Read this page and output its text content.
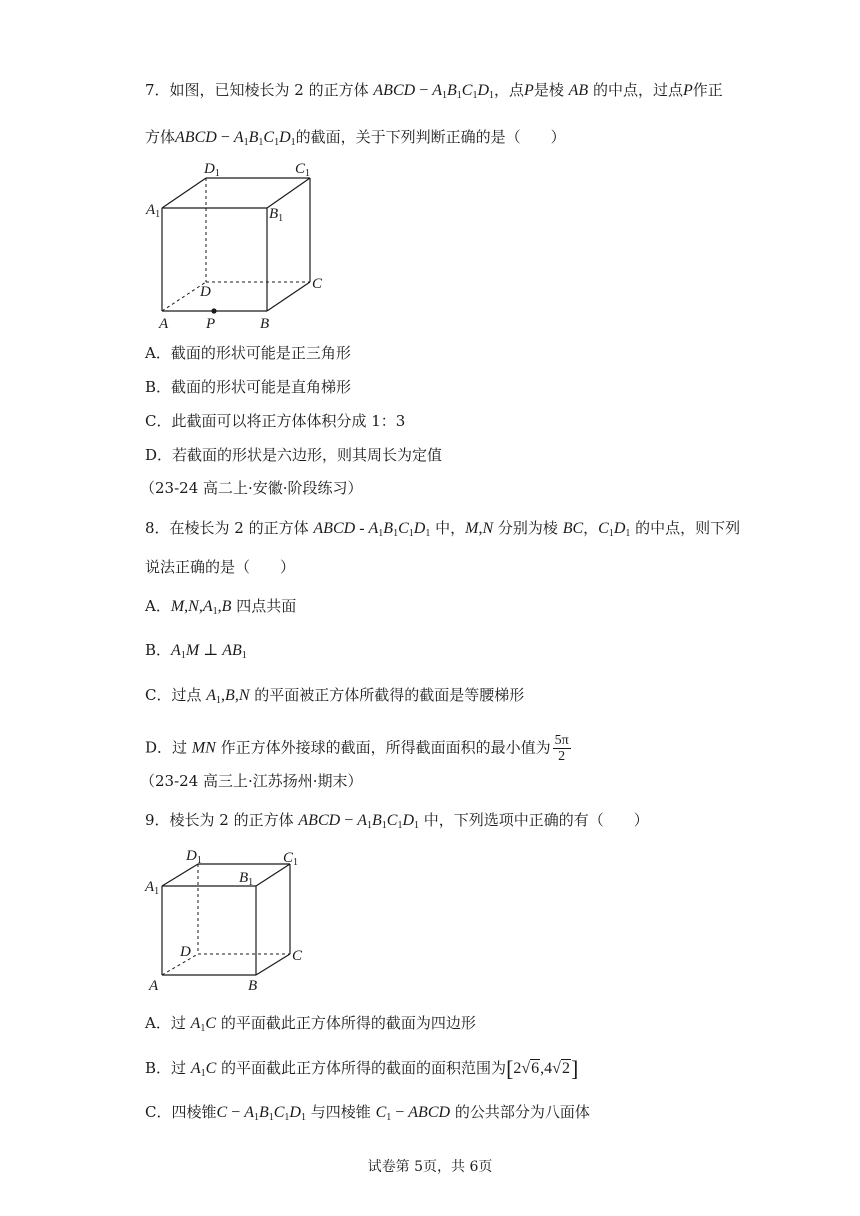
7．如图，已知棱长为 2 的正方体 ABCD − $A_1B_1C_1D_1$，点P是棱 AB 的中点，过点P作正
方体ABCD − $A_1B_1C_1D_1$的截面，关于下列判断正确的是（　　）
$D_1$	$C_1$
$A_1$	$B_1$
D	C
A	P	B
A．截面的形状可能是正三角形
B．截面的形状可能是直角梯形
C．此截面可以将正方体体积分成 1：3
D．若截面的形状是六边形，则其周长为定值
（23-24 高二上·安徽·阶段练习）
8．在棱长为 2 的正方体 ABCD - $A_1B_1C_1D_1$ 中，M,N 分别为棱 BC，$C_1D_1$ 的中点，则下列
说法正确的是（　　）
A．$M,N,A_1,B$ 四点共面
B．$A_1M$ ⊥ $AB_1$
C．过点 $A_1,B,N$ 的平面被正方体所截得的截面是等腰梯形
D．过 MN 作正方体外接球的截面，所得截面面积的最小值为 $\frac{5\pi}{2}$
（23-24 高三上·江苏扬州·期末）
9．棱长为 2 的正方体 ABCD − $A_1B_1C_1D_1$ 中，下列选项中正确的有（　　）
$D_1$	$C_1$
$A_1$
$B_1$
D	C
A	B
A．过 $A_1C$ 的平面截此正方体所得的截面为四边形
B．过 $A_1C$ 的平面截此正方体所得的截面的面积范围为[2√6,4√2]
C．四棱锥$C - A_1B_1C_1D_1$ 与四棱锥 $C_1$ − ABCD 的公共部分为八面体
试卷第 5页，共 6页
